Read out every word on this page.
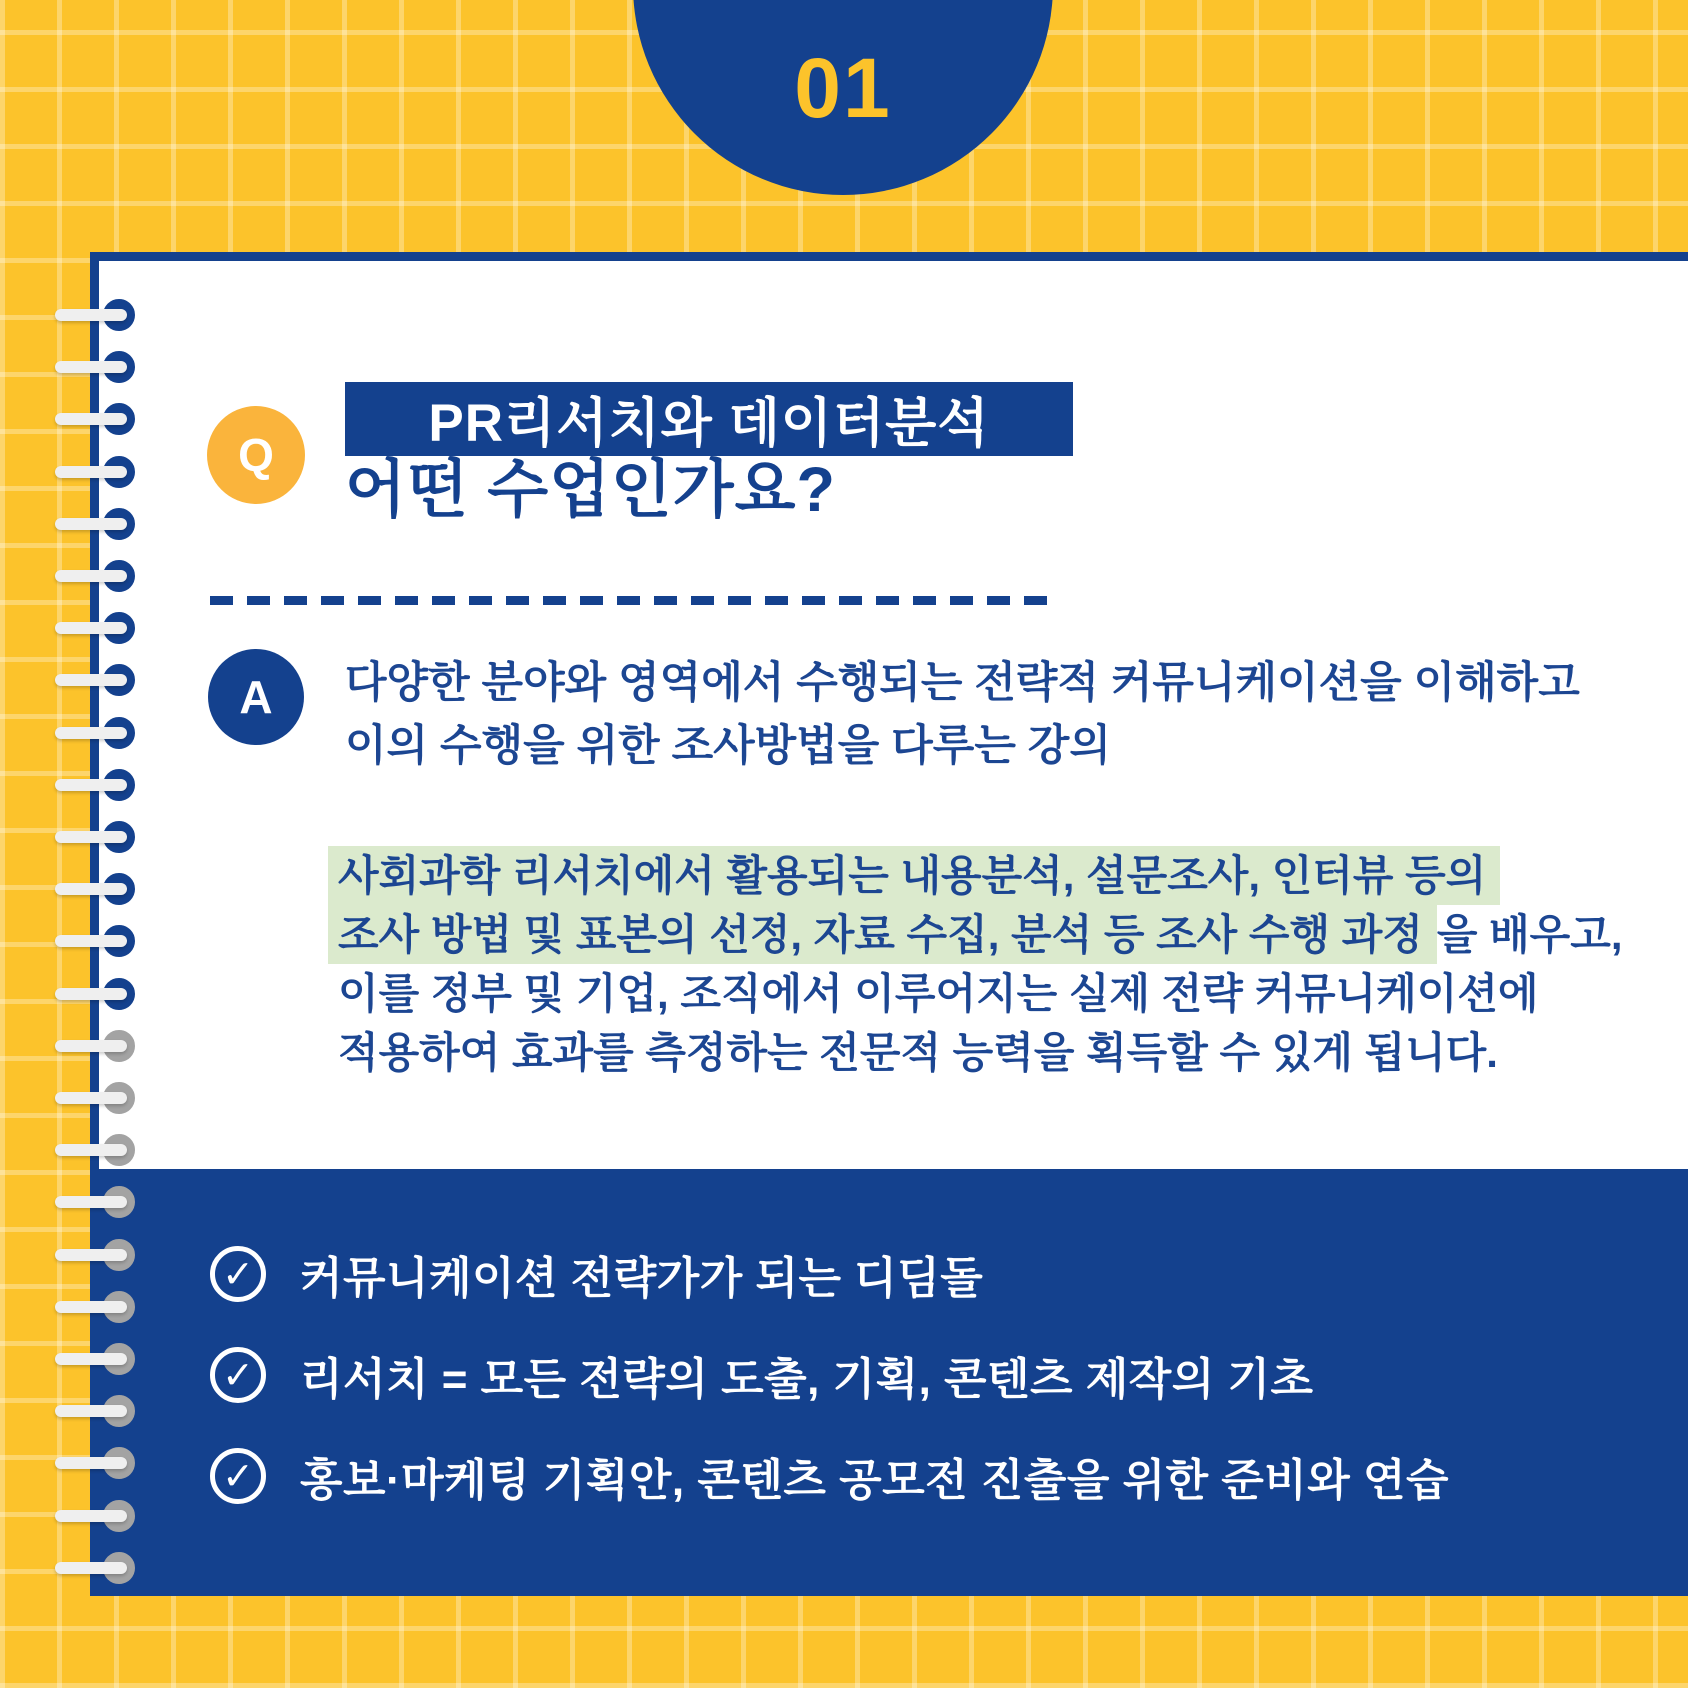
01
Q
PR리서치와 데이터분석
어떤 수업인가요?
A 다양한 분야와 영역에서 수행되는 전략적 커뮤니케이션을 이해하고
이의 수행을 위한 조사방법을 다루는 강의
사회과학 리서치에서 활용되는 내용분석, 설문조사, 인터뷰 등의
조사 방법 및 표본의 선정, 자료 수집, 분석 등 조사 수행 과정 을 배우고,
이를 정부 및 기업, 조직에서 이루어지는 실제 전략 커뮤니케이션에
적용하여 효과를 측정하는 전문적 능력을 획득할 수 있게 됩니다.
✓ 커뮤니케이션 전략가가 되는 디딤돌
✓ 리서치 = 모든 전략의 도출, 기획, 콘텐츠 제작의 기초
✓ 홍보·마케팅 기획안, 콘텐츠 공모전 진출을 위한 준비와 연습
